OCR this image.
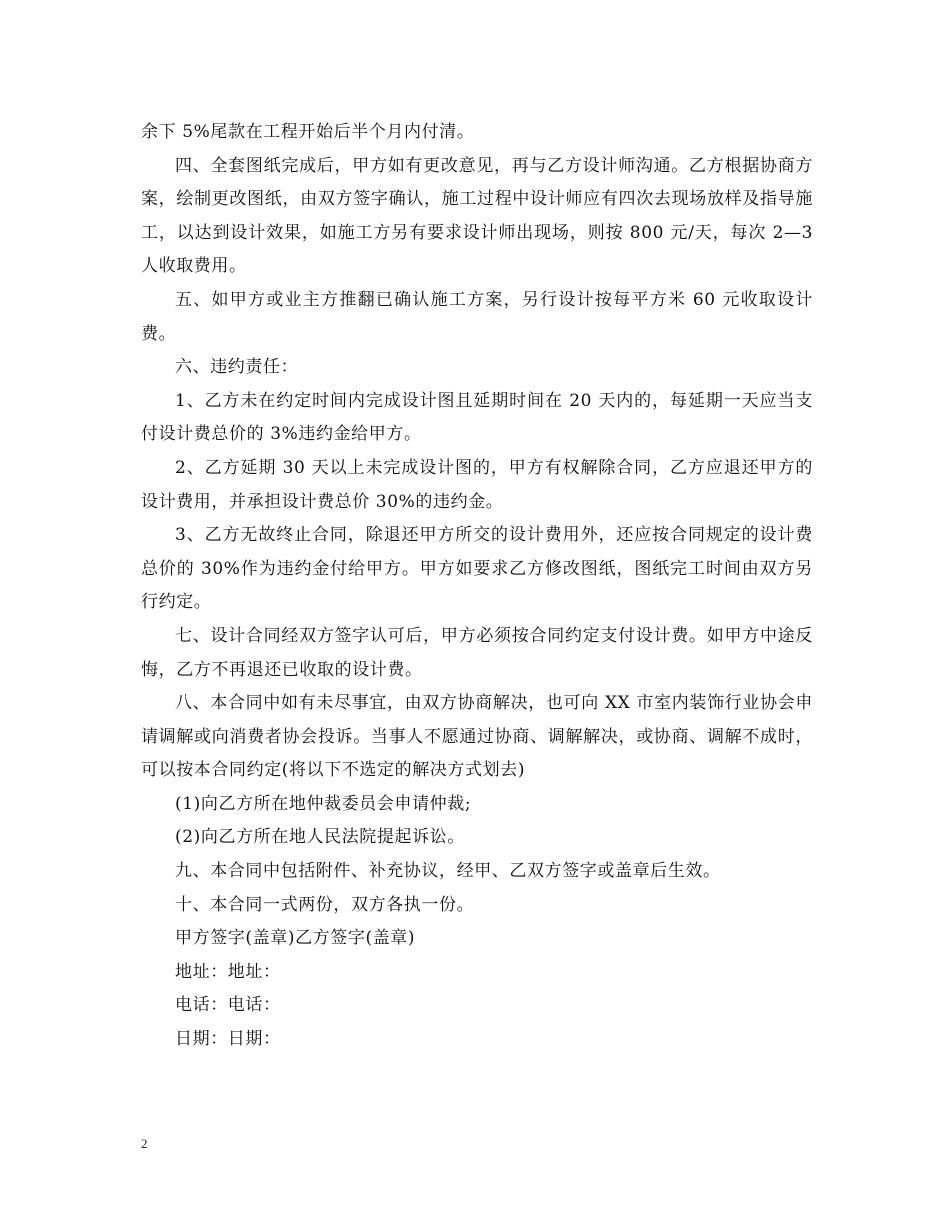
余下 5%尾款在工程开始后半个月内付清。

四、全套图纸完成后，甲方如有更改意见，再与乙方设计师沟通。乙方根据协商方案，绘制更改图纸，由双方签字确认，施工过程中设计师应有四次去现场放样及指导施工，以达到设计效果，如施工方另有要求设计师出现场，则按 800 元/天，每次 2—3 人收取费用。

五、如甲方或业主方推翻已确认施工方案，另行设计按每平方米 60 元收取设计费。

六、违约责任：

1、乙方未在约定时间内完成设计图且延期时间在 20 天内的，每延期一天应当支付设计费总价的 3%违约金给甲方。

2、乙方延期 30 天以上未完成设计图的，甲方有权解除合同，乙方应退还甲方的设计费用，并承担设计费总价 30%的违约金。

3、乙方无故终止合同，除退还甲方所交的设计费用外，还应按合同规定的设计费总价的 30%作为违约金付给甲方。甲方如要求乙方修改图纸，图纸完工时间由双方另行约定。

七、设计合同经双方签字认可后，甲方必须按合同约定支付设计费。如甲方中途反悔，乙方不再退还已收取的设计费。

八、本合同中如有未尽事宜，由双方协商解决，也可向 XX 市室内装饰行业协会申请调解或向消费者协会投诉。当事人不愿通过协商、调解解决，或协商、调解不成时，可以按本合同约定(将以下不选定的解决方式划去)

(1)向乙方所在地仲裁委员会申请仲裁;

(2)向乙方所在地人民法院提起诉讼。

九、本合同中包括附件、补充协议，经甲、乙双方签字或盖章后生效。

十、本合同一式两份，双方各执一份。

甲方签字(盖章)乙方签字(盖章)

地址：地址：

电话：电话：

日期：日期：

2
